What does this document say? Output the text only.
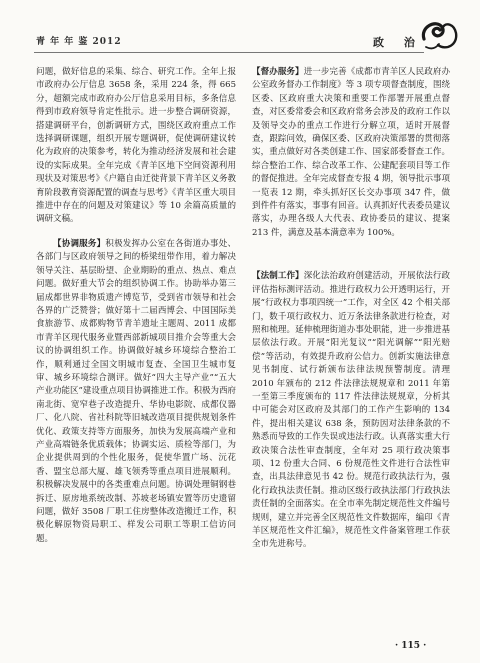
青 年 年 鉴 2012	政 治

问题，做好信息的采集、综合、研究工作。全年上报市政府办公厅信息 3658 条，采用 224 条，得 665 分，超额完成市政府办公厅信息采用目标，多条信息得到市政府领导肯定性批示。进一步整合调研资源，搭建调研平台，创新调研方式，围绕区政府重点工作选择调研课题，组织开展专题调研，促使调研建议转化为政府的决策参考，转化为推动经济发展和社会建设的实际成果。全年完成《青羊区地下空间资源利用现状及对策思考》《户籍自由迁徙背景下青羊区义务教育阶段教育资源配置的调查与思考》《青羊区重大项目推进中存在的问题及对策建议》等 10 余篇高质量的调研文稿。

【协调服务】积极发挥办公室在各街道办事处、各部门与区政府领导之间的桥梁纽带作用，着力解决领导关注、基层盼望、企业期盼的重点、热点、难点问题。做好重大节会的组织协调工作。协助举办第三届成都世界非物质遗产博览节，受到省市领导和社会各界的广泛赞誉；做好第十二届西博会、中国国际美食旅游节、成都购物节青羊遗址主题周、2011 成都市青羊区现代服务业暨西部新城项目推介会等重大会议的协调组织工作。协调做好城乡环境综合整治工作，顺利通过全国文明城市复查、全国卫生城市复审、城乡环境综合测评。做好“四大主导产业”“五大产业功能区”建设重点项目协调推进工作。积极为西府南北街、宽窄巷子改造提升、华协电影院、成都仪器厂、化八院、省社科院等旧城改造项目提供规划条件优化、政策支持等方面服务，加快为发展高端产业和产业高端链条优质载体；协调实运、质检等部门，为企业提供周到的个性化服务，促使华置广场、沅花香、盟宝总部大厦、雄飞领秀等重点项目进展顺利。积极解决发展中的各类重难点问题。协调处理铜钢巷拆迁、原房地系统改制、苏坡老场镇安置等历史遗留问题，做好 3508 厂职工住房整体改造搬迁工作，积极化解原物资局职工、样发公司职工等职工信访问题。

【督办服务】进一步完善《成都市青羊区人民政府办公室政务督办工作制度》等 3 项专项督查制度，围绕区委、区政府重大决策和重要工作部署开展重点督查，对区委常委会和区政府常务会涉及的政府工作以及领导交办的重点工作进行分解立项，适时开展督查，跟踪问效，确保区委、区政府决策部署的贯彻落实，重点做好对各类创建工作、国家部委督查工作。综合整治工作、综合改革工作、公建配套项目等工作的督促推进。全年完成督查专报 4 期，领导批示事项一览表 12 期，牵头抓好区长交办事项 347 件，做到件件有落实，事事有回音。认真抓好代表委员建议落实，办理各级人大代表、政协委员的建议、提案 213 件，满意及基本满意率为 100%。

【法制工作】深化法治政府创建活动，开展依法行政评估指标测评活动。推进行政权力公开透明运行，开展“行政权力事项四统一”工作，对全区 42 个相关部门，数千项行政权力、近万条法律条款进行检查，对照和梳理。延伸梳理街道办事处职能，进一步推进基层依法行政。开展“阳光复议”“阳光调解”“阳光赔偿”等活动，有效提升政府公信力。创新实施法律意见书制度、试行新颁布法律法规预警制度。清理 2010 年颁布的 212 件法律法规规章和 2011 年第一至第三季度颁布的 117 件法律法规规章，分析其中可能会对区政府及其部门的工作产生影响的 134 件，提出相关建议 638 条，预防因对法律条款的不熟悉而导致的工作失误或违法行政。认真落实重大行政决策合法性审查制度，全年对 25 项行政决策事项、12 份重大合同、6 份规范性文件进行合法性审查，出具法律意见书 42 份。规范行政执法行为，强化行政执法责任制。推动区级行政执法部门行政执法责任制的全面落实。在全市率先制定规范性文件编号规则，建立并完善全区规范性文件数据库，编印《青羊区规范性文件汇编》，规范性文件备案管理工作获全市先进称号。

· 115 ·
